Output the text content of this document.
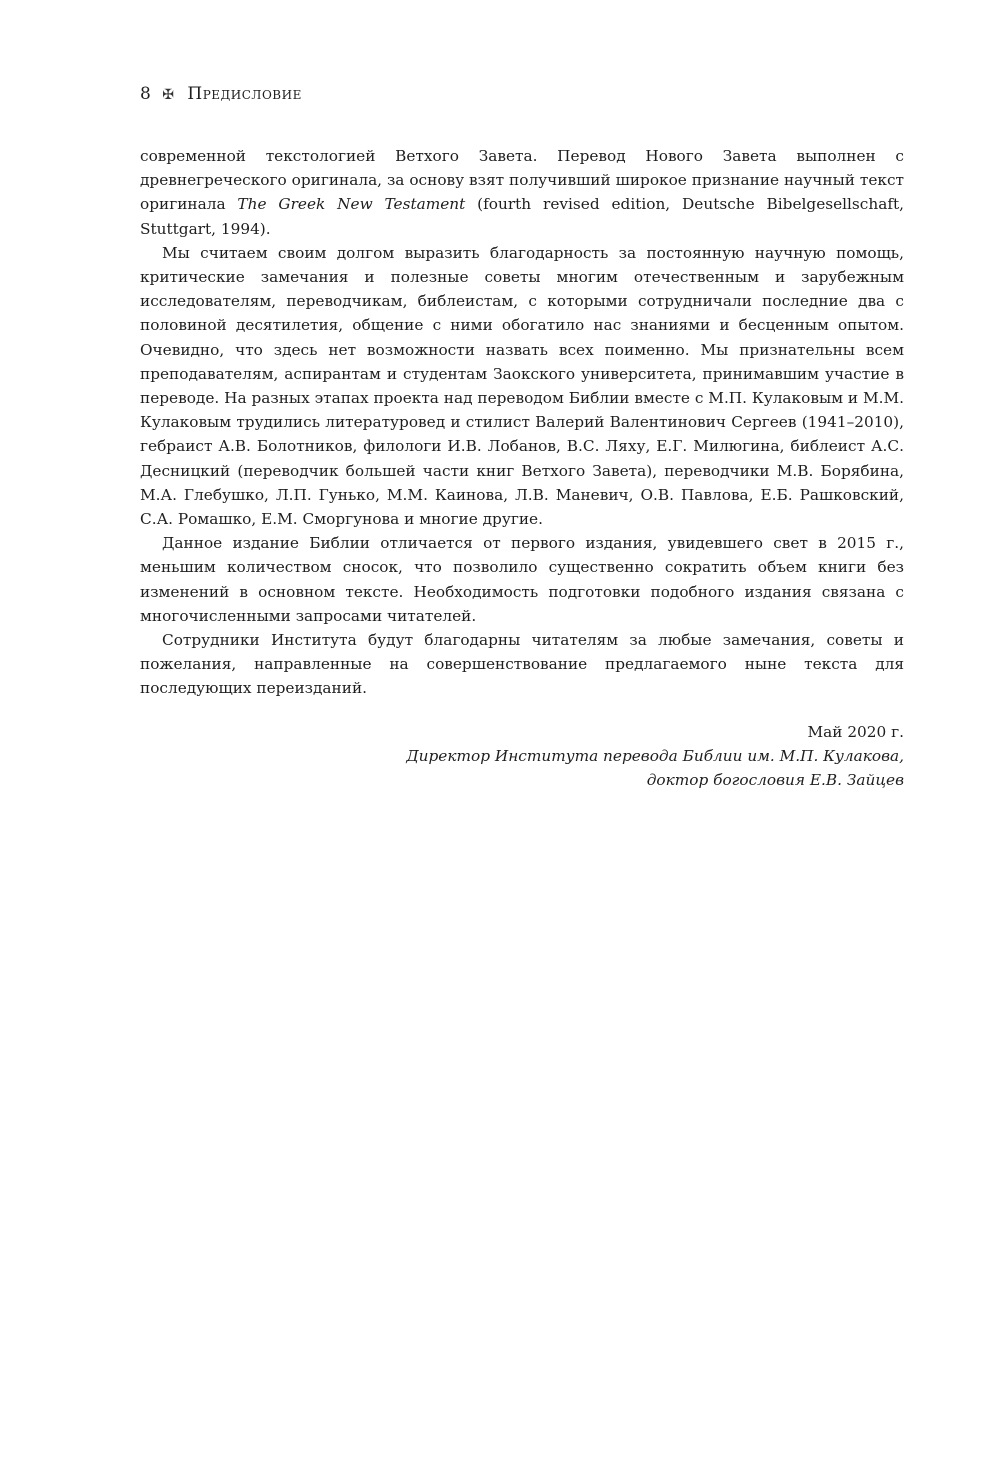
8 ✠ Предисловие

современной текстологией Ветхого Завета. Перевод Нового Завета выполнен с древнегреческого оригинала, за основу взят получивший широкое признание научный текст оригинала The Greek New Testament (fourth revised edition, Deutsche Bibelgesellschaft, Stuttgart, 1994).

Мы считаем своим долгом выразить благодарность за постоянную научную помощь, критические замечания и полезные советы многим отечественным и зарубежным исследователям, переводчикам, библеистам, с которыми сотрудничали последние два с половиной десятилетия, общение с ними обогатило нас знаниями и бесценным опытом. Очевидно, что здесь нет возможности назвать всех поименно. Мы признательны всем преподавателям, аспирантам и студентам Заокского университета, принимавшим участие в переводе. На разных этапах проекта над переводом Библии вместе с М.П. Кулаковым и М.М. Кулаковым трудились литературовед и стилист Валерий Валентинович Сергеев (1941–2010), гебраист А.В. Болотников, филологи И.В. Лобанов, В.С. Ляху, Е.Г. Милюгина, библеист А.С. Десницкий (переводчик большей части книг Ветхого Завета), переводчики М.В. Борябина, М.А. Глебушко, Л.П. Гунько, М.М. Каинова, Л.В. Маневич, О.В. Павлова, Е.Б. Рашковский, С.А. Ромашко, Е.М. Сморгунова и многие другие.

Данное издание Библии отличается от первого издания, увидевшего свет в 2015 г., меньшим количеством сносок, что позволило существенно сократить объем книги без изменений в основном тексте. Необходимость подготовки подобного издания связана с многочисленными запросами читателей.

Сотрудники Института будут благодарны читателям за любые замечания, советы и пожелания, направленные на совершенствование предлагаемого ныне текста для последующих переизданий.

Май 2020 г.
Директор Института перевода Библии им. М.П. Кулакова,
доктор богословия Е.В. Зайцев
